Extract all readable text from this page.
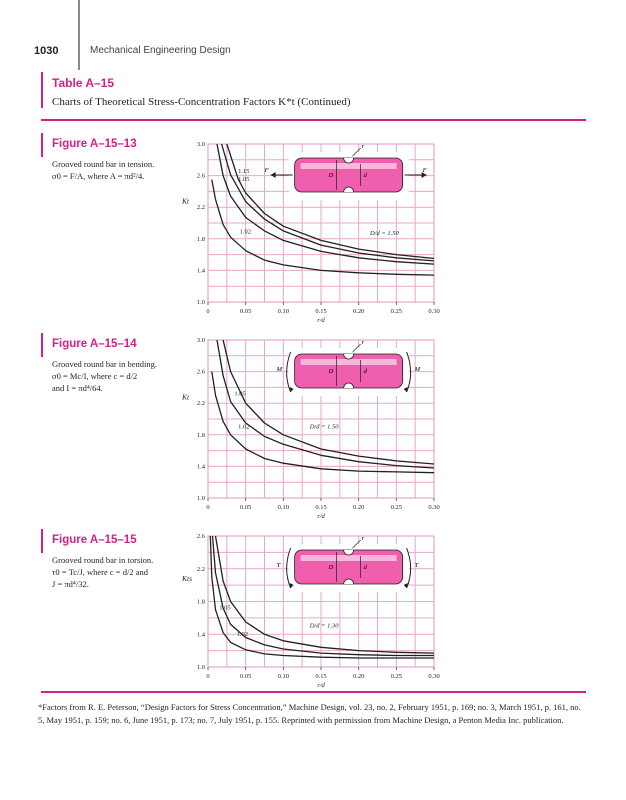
1030	Mechanical Engineering Design
Table A–15
Charts of Theoretical Stress-Concentration Factors K*t (Continued)
Figure A–15–13
Grooved round bar in tension.
σ0 = F/A, where A = πd²/4.
0	0.05	0.10	0.15	0.20	0.25	0.30
1.0
1.4
1.8
2.2
2.6
3.0
r/d
Kt
1.15
1.05
D/d = 1.50
1.02
D	d
r
F	F
Figure A–15–14
Grooved round bar in bending.
σ0 = Mc/I, where c = d/2
and I = πd⁴/64.
0	0.05	0.10	0.15	0.20	0.25	0.30
1.0
1.4
1.8
2.2
2.6
3.0
r/d
Kt
D/d = 1.50
1.05
1.02
D	d
r
M	M
Figure A–15–15
Grooved round bar in torsion.
τ0 = Tc/J, where c = d/2 and
J = πd⁴/32.
0	0.05	0.10	0.15	0.20	0.25	0.30
1.0
1.4
1.8
2.2
2.6
r/d
Kts
D/d = 1.30
1.05
1.02
D	d
r
T	T
*Factors from R. E. Peterson, “Design Factors for Stress Concentration,” Machine Design, vol. 23, no. 2, February 1951, p. 169; no. 3, March 1951, p. 161, no. 5, May 1951, p. 159; no. 6, June 1951, p. 173; no. 7, July 1951, p. 155. Reprinted with permission from Machine Design, a Penton Media Inc. publication.
